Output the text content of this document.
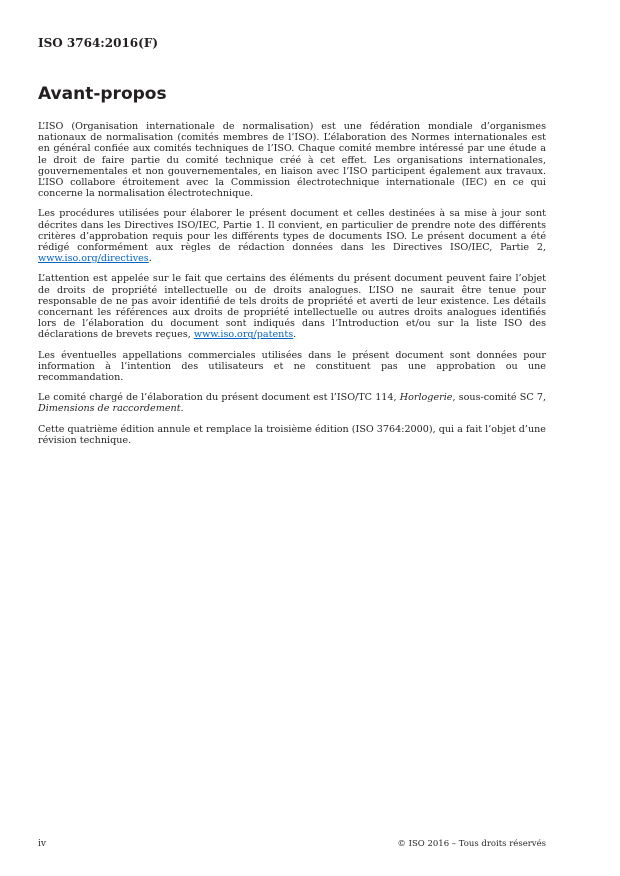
ISO 3764:2016(F)
Avant-propos

L’ISO (Organisation internationale de normalisation) est une fédération mondiale d’organismes nationaux de normalisation (comités membres de l’ISO). L’élaboration des Normes internationales est en général confiée aux comités techniques de l’ISO. Chaque comité membre intéressé par une étude a le droit de faire partie du comité technique créé à cet effet. Les organisations internationales, gouvernementales et non gouvernementales, en liaison avec l’ISO participent également aux travaux. L’ISO collabore étroitement avec la Commission électrotechnique internationale (IEC) en ce qui concerne la normalisation électrotechnique.

Les procédures utilisées pour élaborer le présent document et celles destinées à sa mise à jour sont décrites dans les Directives ISO/IEC, Partie 1. Il convient, en particulier de prendre note des différents critères d’approbation requis pour les différents types de documents ISO. Le présent document a été rédigé conformément aux règles de rédaction données dans les Directives ISO/IEC, Partie 2, www.iso.org/directives.

L’attention est appelée sur le fait que certains des éléments du présent document peuvent faire l’objet de droits de propriété intellectuelle ou de droits analogues. L’ISO ne saurait être tenue pour responsable de ne pas avoir identifié de tels droits de propriété et averti de leur existence. Les détails concernant les références aux droits de propriété intellectuelle ou autres droits analogues identifiés lors de l’élaboration du document sont indiqués dans l’Introduction et/ou sur la liste ISO des déclarations de brevets reçues, www.iso.org/patents.

Les éventuelles appellations commerciales utilisées dans le présent document sont données pour information à l’intention des utilisateurs et ne constituent pas une approbation ou une recommandation.

Le comité chargé de l’élaboration du présent document est l’ISO/TC 114, Horlogerie, sous-comité SC 7, Dimensions de raccordement.

Cette quatrième édition annule et remplace la troisième édition (ISO 3764:2000), qui a fait l’objet d’une révision technique.

iv	© ISO 2016 – Tous droits réservés
